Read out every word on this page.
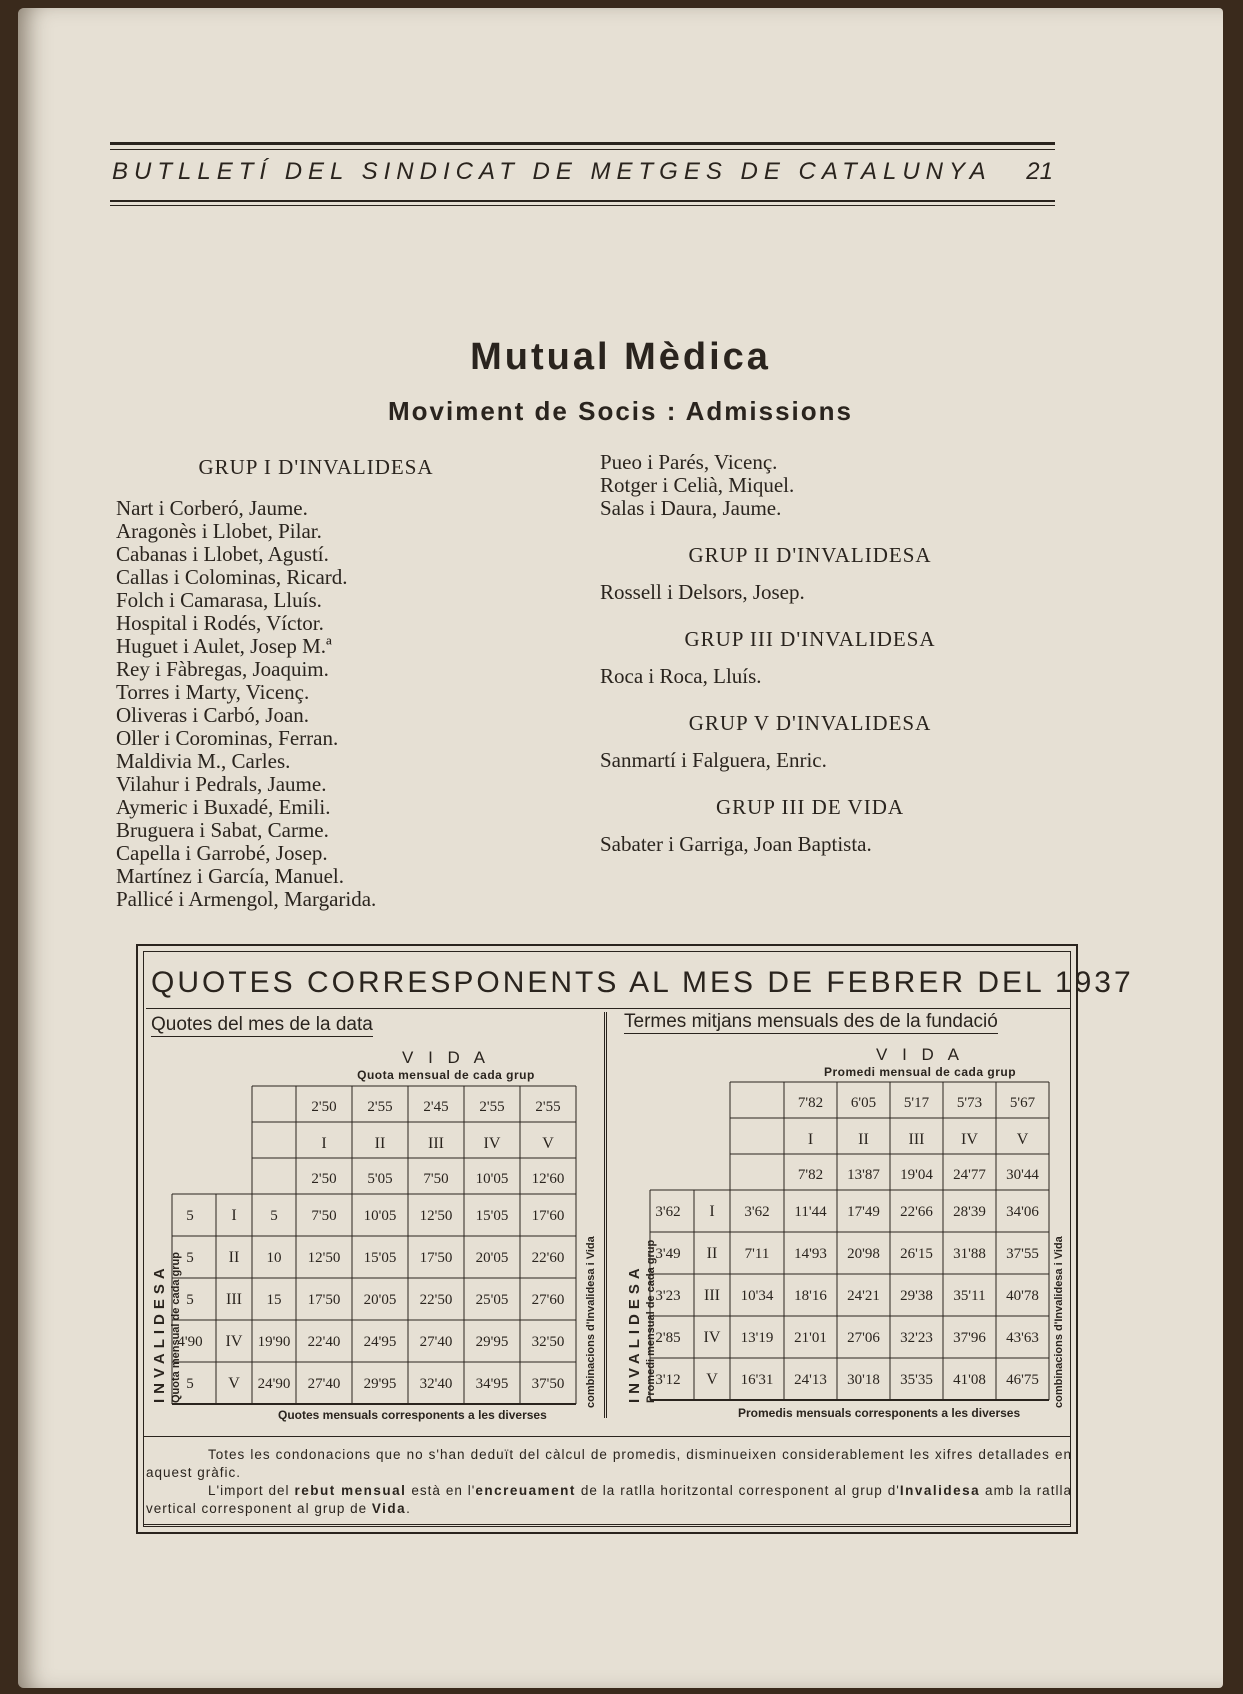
BUTLLETÍ DEL SINDICAT DE METGES DE CATALUNYA 21
Mutual Mèdica
Moviment de Socis : Admissions
GRUP I D'INVALIDESA
Nart i Corberó, Jaume.
Aragonès i Llobet, Pilar.
Cabanas i Llobet, Agustí.
Callas i Colominas, Ricard.
Folch i Camarasa, Lluís.
Hospital i Rodés, Víctor.
Huguet i Aulet, Josep M.ª
Rey i Fàbregas, Joaquim.
Torres i Marty, Vicenç.
Oliveras i Carbó, Joan.
Oller i Corominas, Ferran.
Maldivia M., Carles.
Vilahur i Pedrals, Jaume.
Aymeric i Buxadé, Emili.
Bruguera i Sabat, Carme.
Capella i Garrobé, Josep.
Martínez i García, Manuel.
Pallicé i Armengol, Margarida.
Pueo i Parés, Vicenç.
Rotger i Celià, Miquel.
Salas i Daura, Jaume.
GRUP II D'INVALIDESA
Rossell i Delsors, Josep.
GRUP III D'INVALIDESA
Roca i Roca, Lluís.
GRUP V D'INVALIDESA
Sanmartí i Falguera, Enric.
GRUP III DE VIDA
Sabater i Garriga, Joan Baptista.
QUOTES CORRESPONENTS AL MES DE FEBRER DEL 1937
Quotes del mes de la data	Termes mitjans mensuals des de la fundació
V I D A
Quota mensual de cada grup
V I D A
Promedi mensual de cada grup
INVALIDESA Quota mensual de cada grup	combinacions d'Invalidesa i Vida
Quotes mensuals corresponents a les diverses
INVALIDESA Promedi mensual de cada grup	combinacions d'Invalidesa i Vida
Promedis mensuals corresponents a les diverses
2'50 2'55 2'45 2'55 2'55
I	II	III IV	V
2'50 5'05 7'50 10'05 12'60
5 I 5 7'50 10'05 12'50 15'05 17'60
5 II 10 12'50 15'05 17'50 20'05 22'60
5 III 15 17'50 20'05 22'50 25'05 27'60
4'90 IV 19'90 22'40 24'95 27'40 29'95 32'50
5 V 24'90 27'40 29'95 32'40 34'95 37'50
7'82 6'05 5'17 5'73 5'67
I	II III IV V
7'82 13'87 19'04 24'77 30'44
3'62 I 3'62 11'44 17'49 22'66 28'39 34'06
3'49 II 7'11 14'93 20'98 26'15 31'88 37'55
3'23 III 10'34 18'16 24'21 29'38 35'11 40'78
2'85 IV 13'19 21'01 27'06 32'23 37'96 43'63
3'12 V 16'31 24'13 30'18 35'35 41'08 46'75

Totes les condonacions que no s'han deduït del càlcul de promedis, disminueixen considerablement les xifres detallades en aquest gràfic.

L'import del rebut mensual està en l'encreuament de la ratlla horitzontal corresponent al grup d'Invalidesa amb la ratlla vertical corresponent al grup de Vida.
